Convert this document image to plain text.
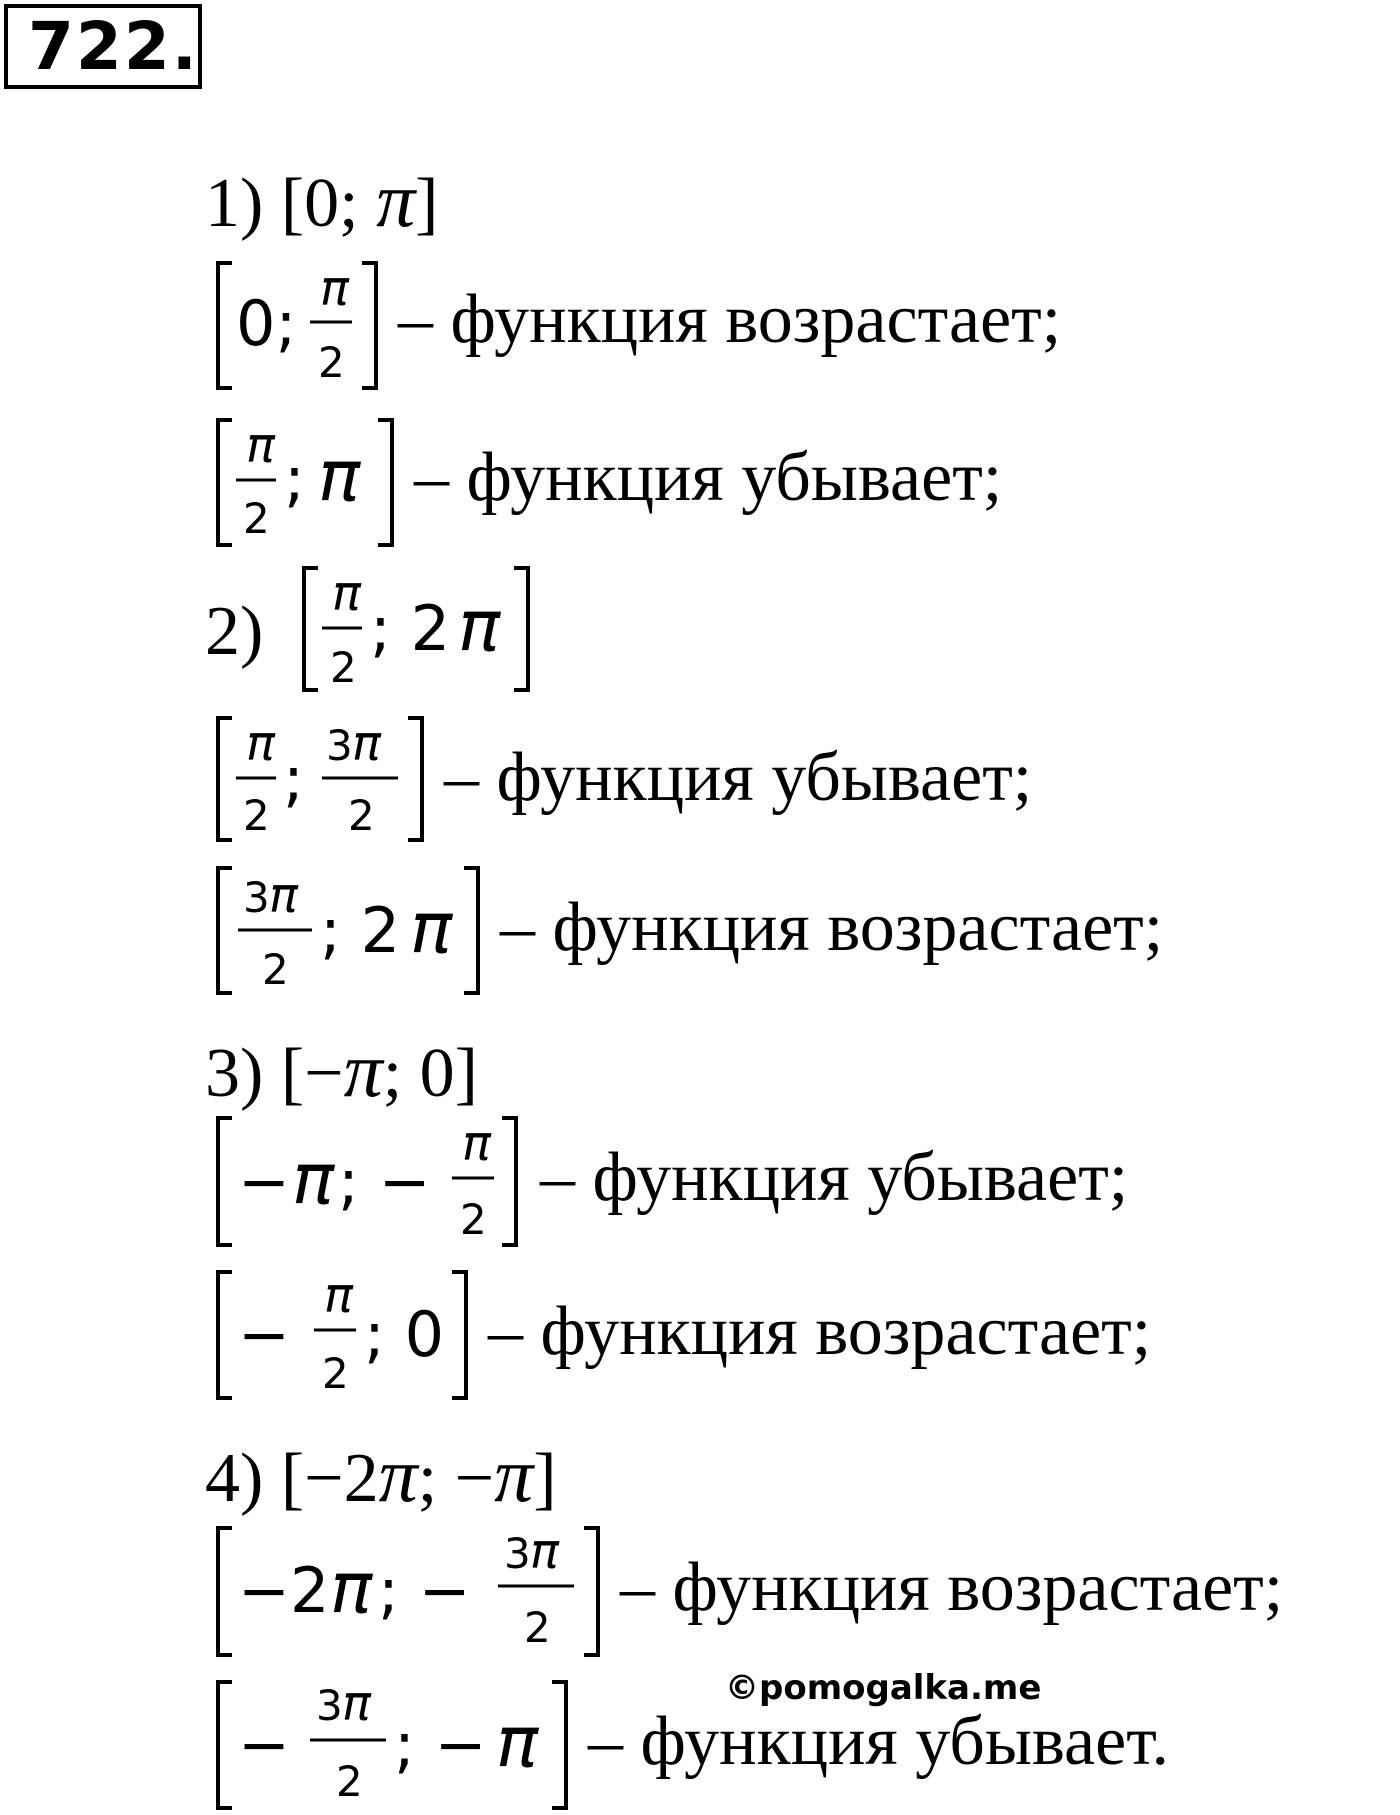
722.
1) [0; π]
0; π
2
π
2
; π
π
2
; 2 π
π
2
; 3 π
2
3 π
2
; 2 π
− π ; −
π
2
−
π
2
; 0
−2 π ; −
3 π
2
−
3 π
2
; − π
2)
3) [−π; 0]
4) [−2π; −π]
– функция возрастает;
– функция убывает;
– функция убывает;
– функция возрастает;
– функция убывает;
– функция возрастает;
– функция возрастает;
– функция убывает.
©pomogalka.me
